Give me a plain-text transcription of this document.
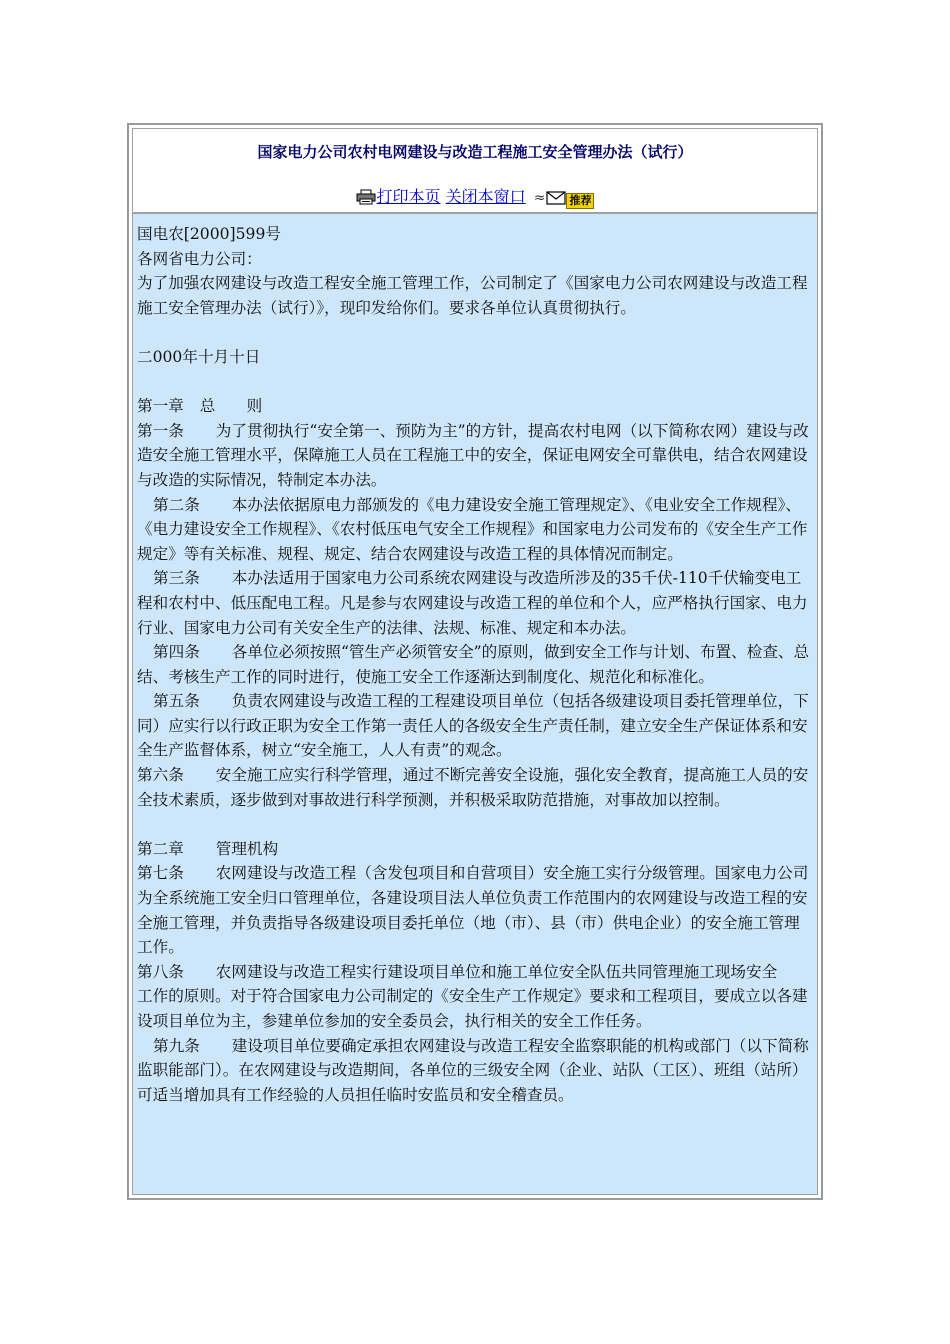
国家电力公司农村电网建设与改造工程施工安全管理办法（试行）
打印本页 关闭本窗口 ≈ 推荐

国电农[2000]599号

各网省电力公司：

为了加强农网建设与改造工程安全施工管理工作，公司制定了《国家电力公司农网建设与改造工程施工安全管理办法（试行）》，现印发给你们。要求各单位认真贯彻执行。

二000年十月十日

第一章 总　　则

第一条 为了贯彻执行“安全第一、预防为主”的方针，提高农村电网（以下简称农网）建设与改造安全施工管理水平，保障施工人员在工程施工中的安全，保证电网安全可靠供电，结合农网建设与改造的实际情况，特制定本办法。

第二条 本办法依据原电力部颁发的《电力建设安全施工管理规定》、《电业安全工作规程》、《电力建设安全工作规程》、《农村低压电气安全工作规程》和国家电力公司发布的《安全生产工作规定》等有关标准、规程、规定、结合农网建设与改造工程的具体情况而制定。

第三条 本办法适用于国家电力公司系统农网建设与改造所涉及的35千伏-110千伏输变电工程和农村中、低压配电工程。凡是参与农网建设与改造工程的单位和个人，应严格执行国家、电力行业、国家电力公司有关安全生产的法律、法规、标准、规定和本办法。

第四条 各单位必须按照“管生产必须管安全”的原则，做到安全工作与计划、布置、检查、总结、考核生产工作的同时进行，使施工安全工作逐渐达到制度化、规范化和标准化。

第五条 负责农网建设与改造工程的工程建设项目单位（包括各级建设项目委托管理单位，下同）应实行以行政正职为安全工作第一责任人的各级安全生产责任制，建立安全生产保证体系和安全生产监督体系，树立“安全施工，人人有责”的观念。

第六条 安全施工应实行科学管理，通过不断完善安全设施，强化安全教育，提高施工人员的安全技术素质，逐步做到对事故进行科学预测，并积极采取防范措施，对事故加以控制。

第二章 管理机构

第七条 农网建设与改造工程（含发包项目和自营项目）安全施工实行分级管理。国家电力公司为全系统施工安全归口管理单位，各建设项目法人单位负责工作范围内的农网建设与改造工程的安全施工管理，并负责指导各级建设项目委托单位（地（市）、县（市）供电企业）的安全施工管理工作。

第八条 农网建设与改造工程实行建设项目单位和施工单位安全队伍共同管理施工现场安全

工作的原则。对于符合国家电力公司制定的《安全生产工作规定》要求和工程项目，要成立以各建设项目单位为主，参建单位参加的安全委员会，执行相关的安全工作任务。

第九条 建设项目单位要确定承担农网建设与改造工程安全监察职能的机构或部门（以下简称监职能部门）。在农网建设与改造期间，各单位的三级安全网（企业、站队（工区）、班组（站所）可适当增加具有工作经验的人员担任临时安监员和安全稽查员。
